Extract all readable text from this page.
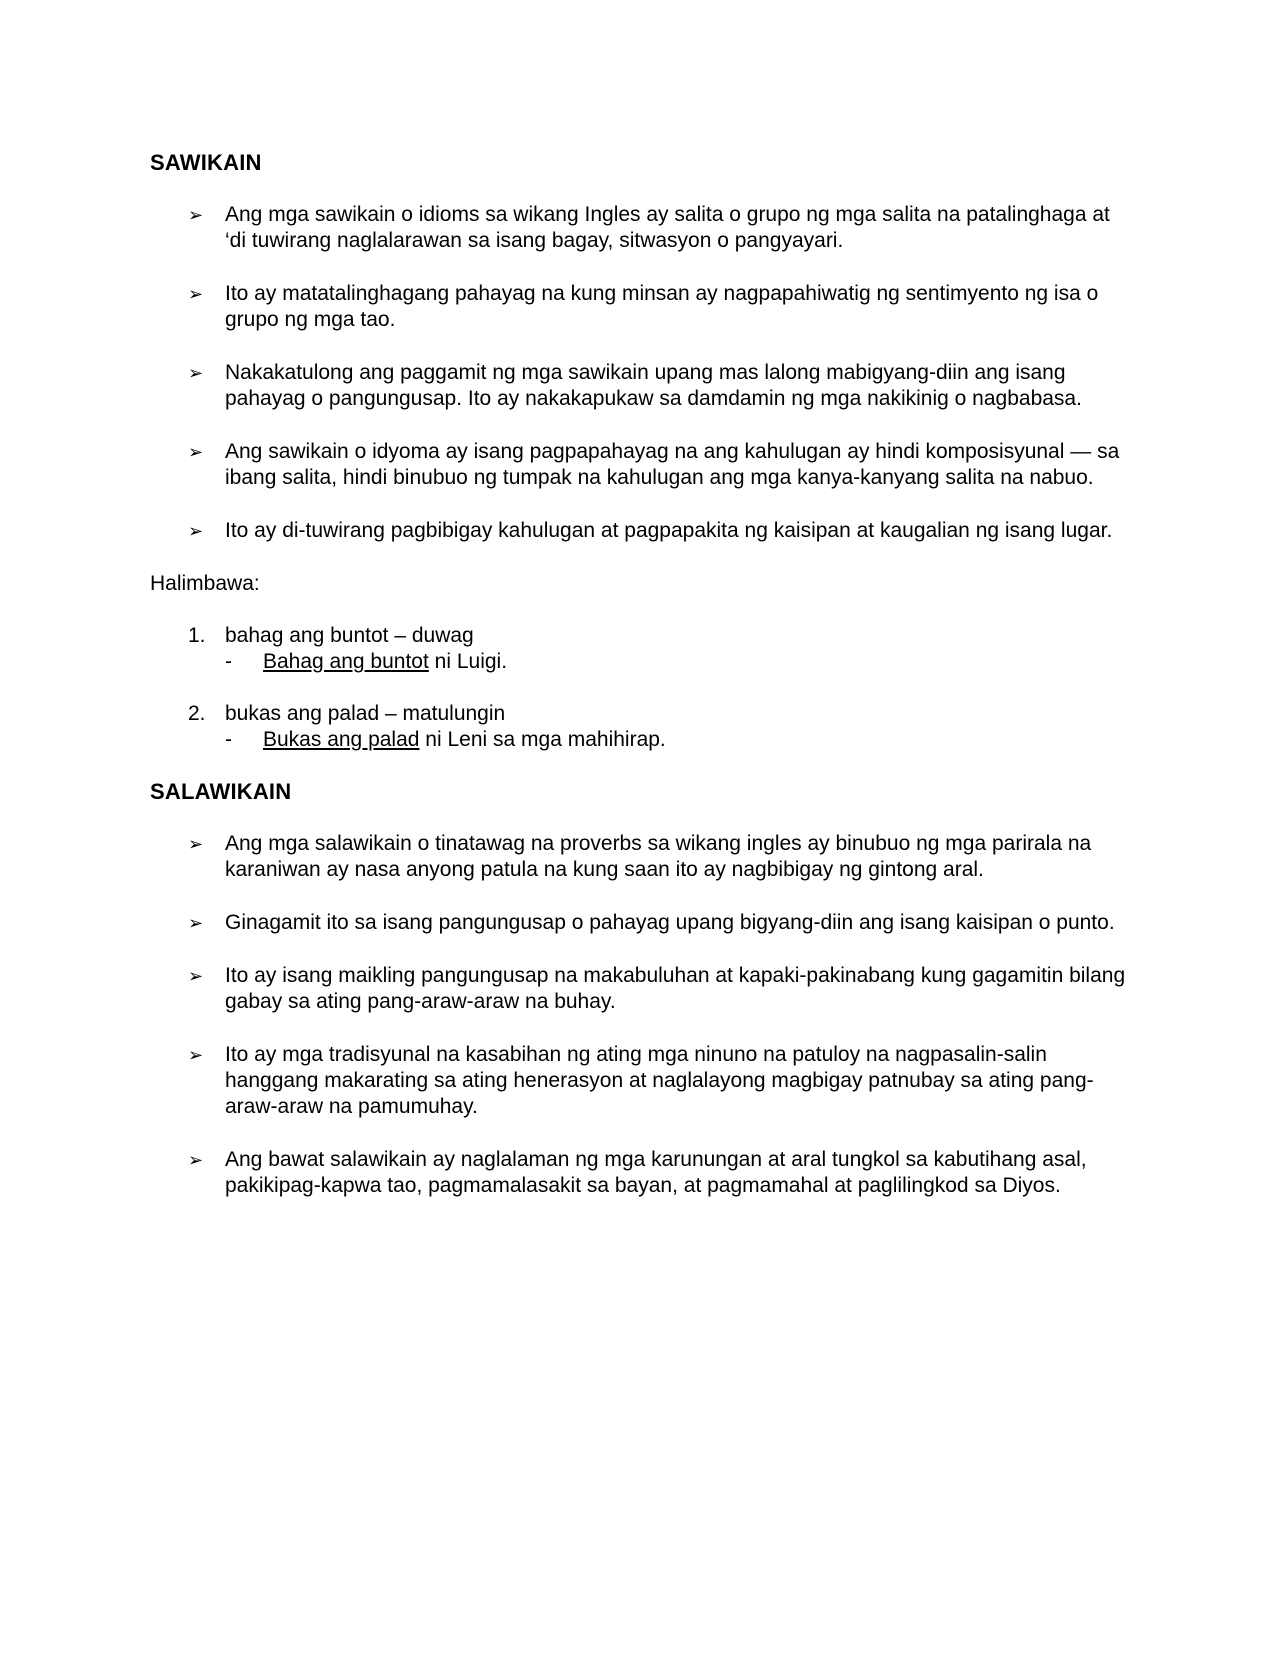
SAWIKAIN
➢ Ang mga sawikain o idioms sa wikang Ingles ay salita o grupo ng mga salita na patalinghaga at ‘di tuwirang naglalarawan sa isang bagay, sitwasyon o pangyayari.
➢ Ito ay matatalinghagang pahayag na kung minsan ay nagpapahiwatig ng sentimyento ng isa o grupo ng mga tao.
➢ Nakakatulong ang paggamit ng mga sawikain upang mas lalong mabigyang-diin ang isang pahayag o pangungusap. Ito ay nakakapukaw sa damdamin ng mga nakikinig o nagbabasa.
➢ Ang sawikain o idyoma ay isang pagpapahayag na ang kahulugan ay hindi komposisyunal — sa ibang salita, hindi binubuo ng tumpak na kahulugan ang mga kanya-kanyang salita na nabuo.
➢ Ito ay di-tuwirang pagbibigay kahulugan at pagpapakita ng kaisipan at kaugalian ng isang lugar.
Halimbawa:
1. bahag ang buntot – duwag
- Bahag ang buntot ni Luigi.
2. bukas ang palad – matulungin
- Bukas ang palad ni Leni sa mga mahihirap.
SALAWIKAIN
➢ Ang mga salawikain o tinatawag na proverbs sa wikang ingles ay binubuo ng mga parirala na karaniwan ay nasa anyong patula na kung saan ito ay nagbibigay ng gintong aral.
➢ Ginagamit ito sa isang pangungusap o pahayag upang bigyang-diin ang isang kaisipan o punto.
➢ Ito ay isang maikling pangungusap na makabuluhan at kapaki-pakinabang kung gagamitin bilang gabay sa ating pang-araw-araw na buhay.
➢ Ito ay mga tradisyunal na kasabihan ng ating mga ninuno na patuloy na nagpasalin-salin hanggang makarating sa ating henerasyon at naglalayong magbigay patnubay sa ating pang-araw-araw na pamumuhay.
➢ Ang bawat salawikain ay naglalaman ng mga karunungan at aral tungkol sa kabutihang asal, pakikipag-kapwa tao, pagmamalasakit sa bayan, at pagmamahal at paglilingkod sa Diyos.
